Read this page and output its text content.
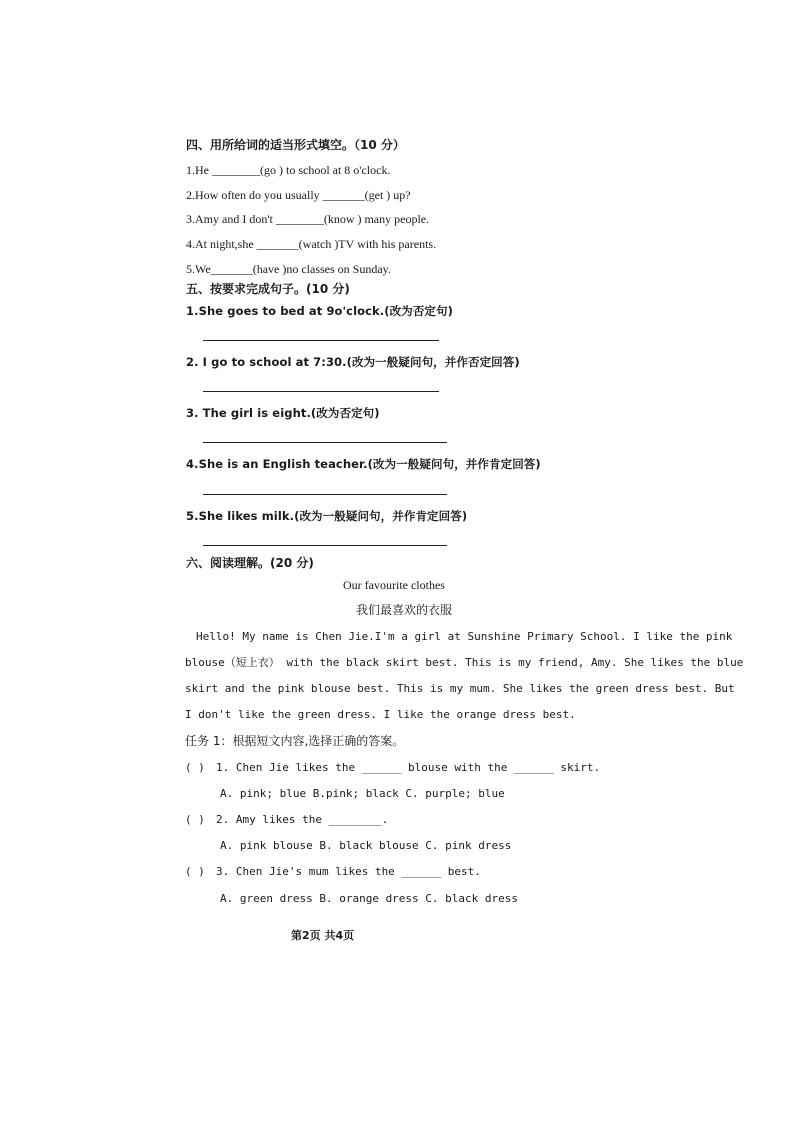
四、用所给词的适当形式填空。（10 分）
1.He ________(go ) to school at 8 o'clock.
2.How often do you usually _______(get ) up?
3.Amy and I don't ________(know ) many people.
4.At night,she _______(watch )TV with his parents.
5.We_______(have )no classes on Sunday.
五、按要求完成句子。(10 分)
1.She goes to bed at 9o'clock.(改为否定句)
2. I go to school at 7:30.(改为一般疑问句，并作否定回答)
3. The girl is eight.(改为否定句)
4.She is an English teacher.(改为一般疑问句，并作肯定回答)
5.She likes milk.(改为一般疑问句，并作肯定回答)
六、阅读理解。(20 分)
Our favourite clothes
我们最喜欢的衣服
Hello! My name is Chen Jie.I'm a girl at Sunshine Primary School. I like the pink
blouse（短上衣） with the black skirt best. This is my friend, Amy. She likes the blue
skirt and the pink blouse best. This is my mum. She likes the green dress best. But
I don't like the green dress. I like the orange dress best.
任务 1：根据短文内容,选择正确的答案。
( ) 1. Chen Jie likes the ______ blouse with the ______ skirt.
A. pink; blue B.pink; black C. purple; blue
( ) 2. Amy likes the ________.
A. pink blouse B. black blouse C. pink dress
( ) 3. Chen Jie's mum likes the ______ best.
A. green dress B. orange dress C. black dress
第2页 共4页
